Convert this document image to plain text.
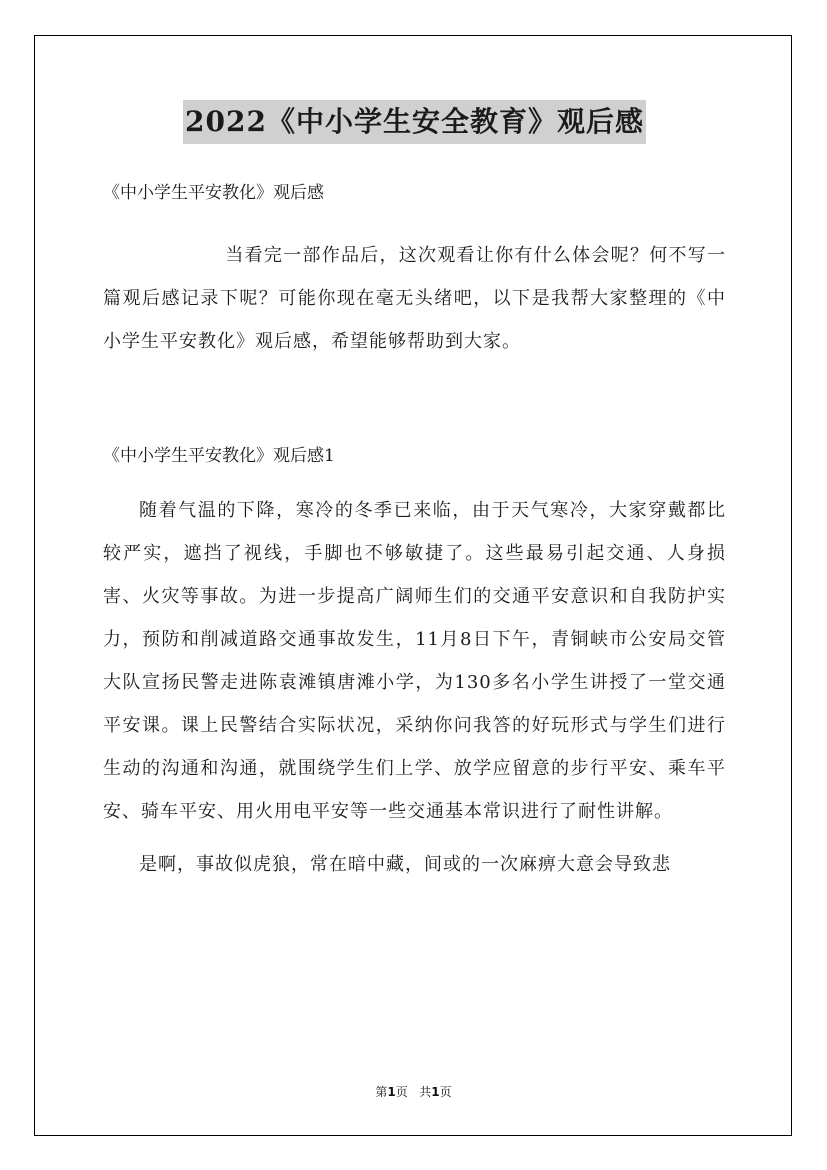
2022《中小学生安全教育》观后感

《中小学生平安教化》观后感

当看完一部作品后，这次观看让你有什么体会呢？何不写一篇观后感记录下呢？可能你现在毫无头绪吧，以下是我帮大家整理的《中小学生平安教化》观后感，希望能够帮助到大家。

《中小学生平安教化》观后感1

随着气温的下降，寒冷的冬季已来临，由于天气寒冷，大家穿戴都比较严实，遮挡了视线，手脚也不够敏捷了。这些最易引起交通、人身损害、火灾等事故。为进一步提高广阔师生们的交通平安意识和自我防护实力，预防和削减道路交通事故发生，11月8日下午，青铜峡市公安局交管大队宣扬民警走进陈袁滩镇唐滩小学，为130多名小学生讲授了一堂交通平安课。课上民警结合实际状况，采纳你问我答的好玩形式与学生们进行生动的沟通和沟通，就围绕学生们上学、放学应留意的步行平安、乘车平安、骑车平安、用火用电平安等一些交通基本常识进行了耐性讲解。

是啊，事故似虎狼，常在暗中藏，间或的一次麻痹大意会导致悲

第1页 共1页
